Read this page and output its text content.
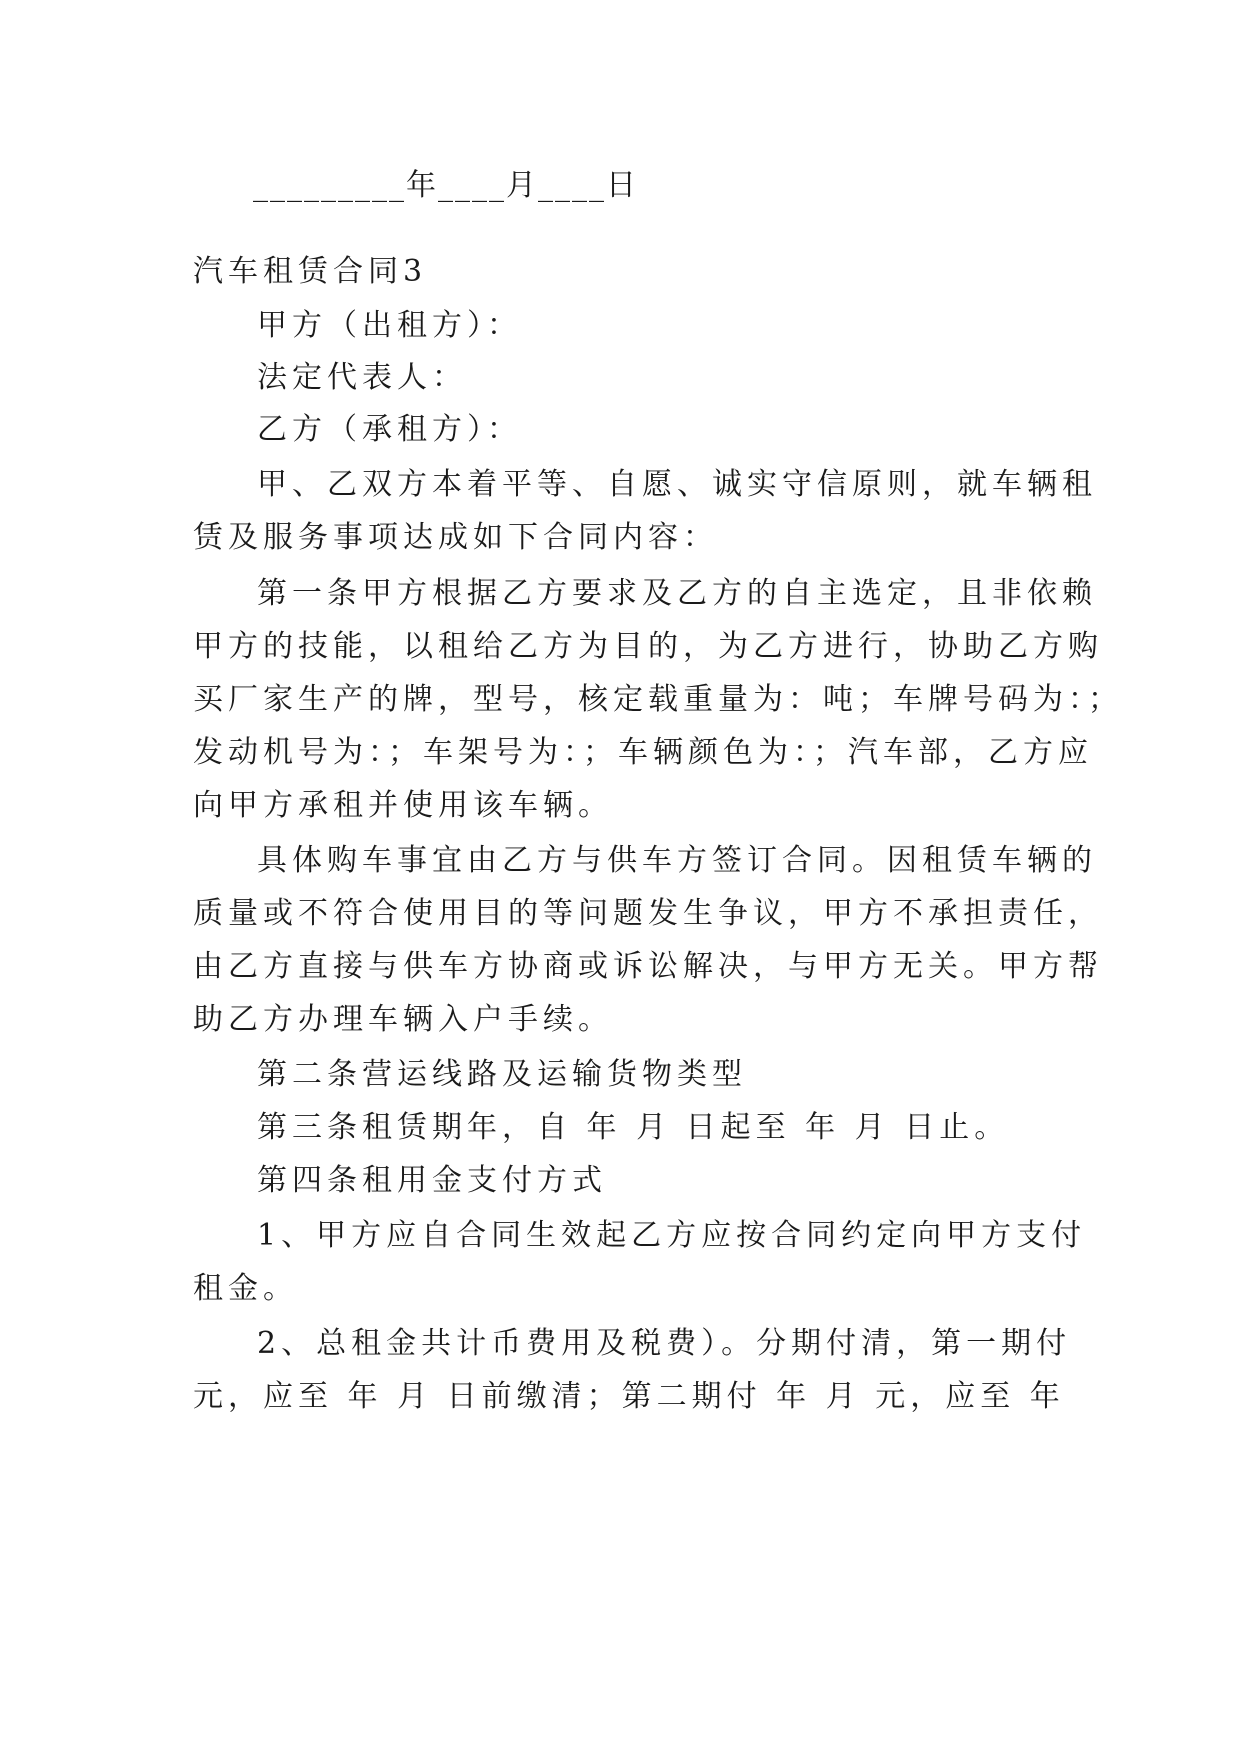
_________年____月____日
汽车租赁合同3
甲方（出租方）：
法定代表人：
乙方（承租方）：
甲、乙双方本着平等、自愿、诚实守信原则，就车辆租
赁及服务事项达成如下合同内容：
第一条甲方根据乙方要求及乙方的自主选定，且非依赖
甲方的技能，以租给乙方为目的，为乙方进行，协助乙方购
买厂家生产的牌，型号，核定载重量为：吨；车牌号码为：；
发动机号为：；车架号为：；车辆颜色为：；汽车部，乙方应
向甲方承租并使用该车辆。
具体购车事宜由乙方与供车方签订合同。因租赁车辆的
质量或不符合使用目的等问题发生争议，甲方不承担责任，
由乙方直接与供车方协商或诉讼解决，与甲方无关。甲方帮
助乙方办理车辆入户手续。
第二条营运线路及运输货物类型
第三条租赁期年，自 年 月 日起至 年 月 日止。
第四条租用金支付方式
1、甲方应自合同生效起乙方应按合同约定向甲方支付
租金。
2、总租金共计币费用及税费）。分期付清，第一期付
元，应至 年 月 日前缴清；第二期付 年 月 元，应至 年
